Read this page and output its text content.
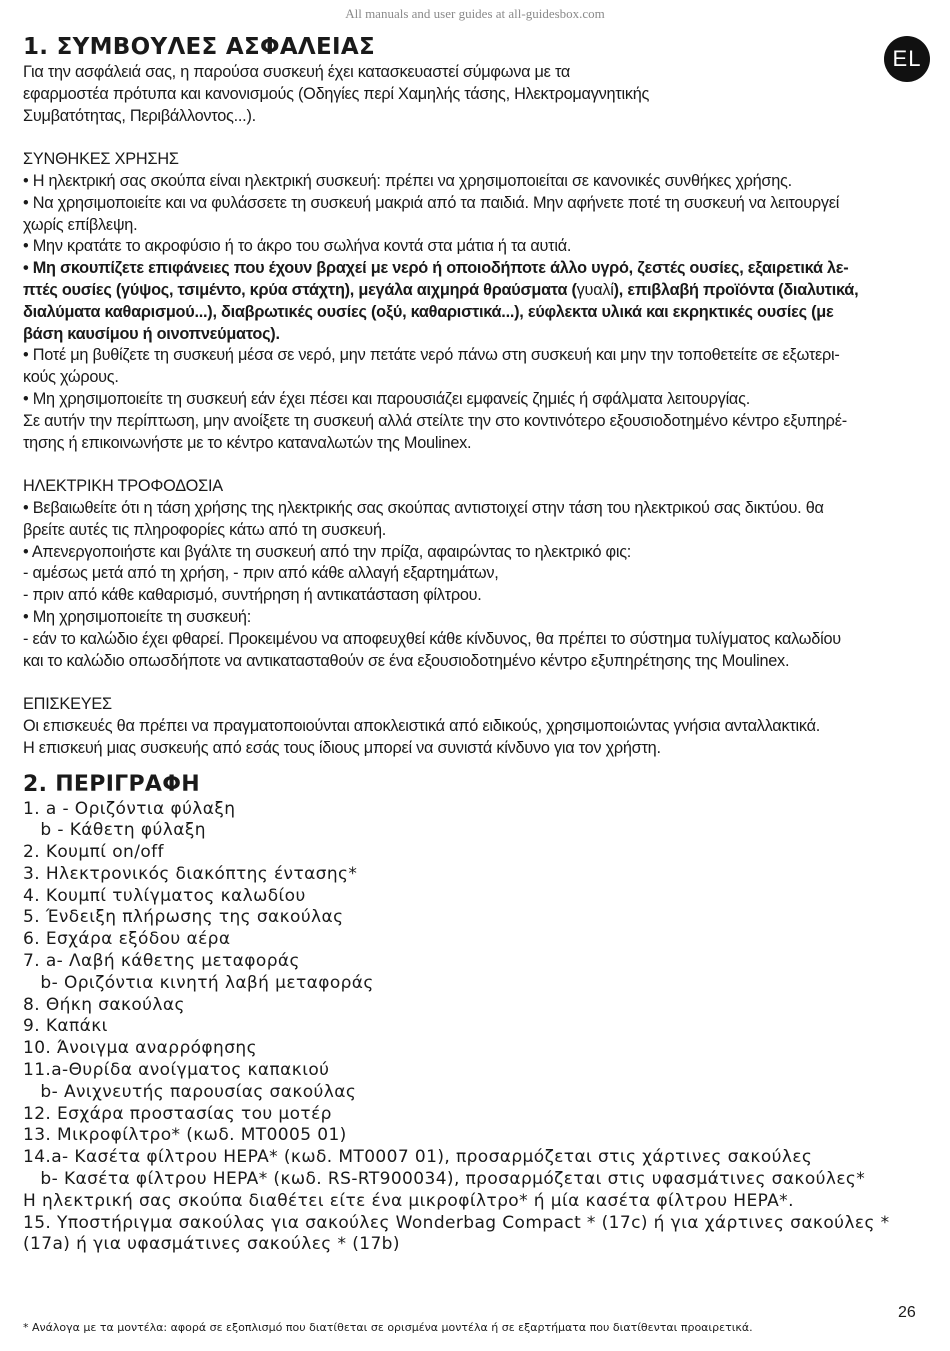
All manuals and user guides at all-guidesbox.com
EL
1. ΣΥΜΒΟΥΛΕΣ ΑΣΦΑΛΕΙΑΣ

Για την ασφάλειά σας, η παρούσα συσκευή έχει κατασκευαστεί σύμφωνα με τα

εφαρμοστέα πρότυπα και κανονισμούς (Οδηγίες περί Χαμηλής τάσης, Ηλεκτρομαγνητικής

Συμβατότητας, Περιβάλλοντος...).

ΣΥΝΘΗΚΕΣ ΧΡΗΣΗΣ

• Η ηλεκτρική σας σκούπα είναι ηλεκτρική συσκευή: πρέπει να χρησιμοποιείται σε κανονικές συνθήκες χρήσης.

• Να χρησιμοποιείτε και να φυλάσσετε τη συσκευή μακριά από τα παιδιά. Μην αφήνετε ποτέ τη συσκευή να λειτουργεί

χωρίς επίβλεψη.

• Μην κρατάτε το ακροφύσιο ή το άκρο του σωλήνα κοντά στα μάτια ή τα αυτιά.

• Μη σκουπίζετε επιφάνειες που έχουν βραχεί με νερό ή οποιοδήποτε άλλο υγρό, ζεστές ουσίες, εξαιρετικά λε-

πτές ουσίες (γύψος, τσιμέντο, κρύα στάχτη), μεγάλα αιχμηρά θραύσματα (γυαλί), επιβλαβή προϊόντα (διαλυτικά,

διαλύματα καθαρισμού...), διαβρωτικές ουσίες (οξύ, καθαριστικά...), εύφλεκτα υλικά και εκρηκτικές ουσίες (με

βάση καυσίμου ή οινοπνεύματος).

• Ποτέ μη βυθίζετε τη συσκευή μέσα σε νερό, μην πετάτε νερό πάνω στη συσκευή και μην την τοποθετείτε σε εξωτερι-

κούς χώρους.

• Μη χρησιμοποιείτε τη συσκευή εάν έχει πέσει και παρουσιάζει εμφανείς ζημιές ή σφάλματα λειτουργίας.

Σε αυτήν την περίπτωση, μην ανοίξετε τη συσκευή αλλά στείλτε την στο κοντινότερο εξουσιοδοτημένο κέντρο εξυπηρέ-

τησης ή επικοινωνήστε με το κέντρο καταναλωτών της Moulinex.

ΗΛΕΚΤΡΙΚΗ ΤΡΟΦΟΔΟΣΙΑ

• Βεβαιωθείτε ότι η τάση χρήσης της ηλεκτρικής σας σκούπας αντιστοιχεί στην τάση του ηλεκτρικού σας δικτύου. θα

βρείτε αυτές τις πληροφορίες κάτω από τη συσκευή.

• Απενεργοποιήστε και βγάλτε τη συσκευή από την πρίζα, αφαιρώντας το ηλεκτρικό φις:

- αμέσως μετά από τη χρήση, - πριν από κάθε αλλαγή εξαρτημάτων,

- πριν από κάθε καθαρισμό, συντήρηση ή αντικατάσταση φίλτρου.

• Μη χρησιμοποιείτε τη συσκευή:

- εάν το καλώδιο έχει φθαρεί. Προκειμένου να αποφευχθεί κάθε κίνδυνος, θα πρέπει το σύστημα τυλίγματος καλωδίου

και το καλώδιο οπωσδήποτε να αντικατασταθούν σε ένα εξουσιοδοτημένο κέντρο εξυπηρέτησης της Moulinex.

ΕΠΙΣΚΕΥΕΣ

Οι επισκευές θα πρέπει να πραγματοποιούνται αποκλειστικά από ειδικούς, χρησιμοποιώντας γνήσια ανταλλακτικά.

Η επισκευή μιας συσκευής από εσάς τους ίδιους μπορεί να συνιστά κίνδυνο για τον χρήστη.

2. ΠΕΡΙΓΡΑΦΗ

1. a - Οριζόντια φύλαξη

b - Κάθετη φύλαξη

2. Κουμπί on/off

3. Ηλεκτρονικός διακόπτης έντασης*

4. Κουμπί τυλίγματος καλωδίου

5. Ένδειξη πλήρωσης της σακούλας

6. Εσχάρα εξόδου αέρα

7. a- Λαβή κάθετης μεταφοράς

b- Οριζόντια κινητή λαβή μεταφοράς

8. Θήκη σακούλας

9. Καπάκι

10. Άνοιγμα αναρρόφησης

11.a-Θυρίδα ανοίγματος καπακιού

b- Ανιχνευτής παρουσίας σακούλας

12. Εσχάρα προστασίας του μοτέρ

13. Μικροφίλτρο* (κωδ. MT0005 01)

14.a- Κασέτα φίλτρου HEPA* (κωδ. MT0007 01), προσαρμόζεται στις χάρτινες σακούλες

b- Κασέτα φίλτρου HEPA* (κωδ. RS-RT900034), προσαρμόζεται στις υφασμάτινες σακούλες*

Η ηλεκτρική σας σκούπα διαθέτει είτε ένα μικροφίλτρο* ή μία κασέτα φίλτρου HEPA*.

15. Υποστήριγμα σακούλας για σακούλες Wonderbag Compact * (17c) ή για χάρτινες σακούλες *

(17a) ή για υφασμάτινες σακούλες * (17b)

26
* Ανάλογα με τα μοντέλα: αφορά σε εξοπλισμό που διατίθεται σε ορισμένα μοντέλα ή σε εξαρτήματα που διατίθενται προαιρετικά.
